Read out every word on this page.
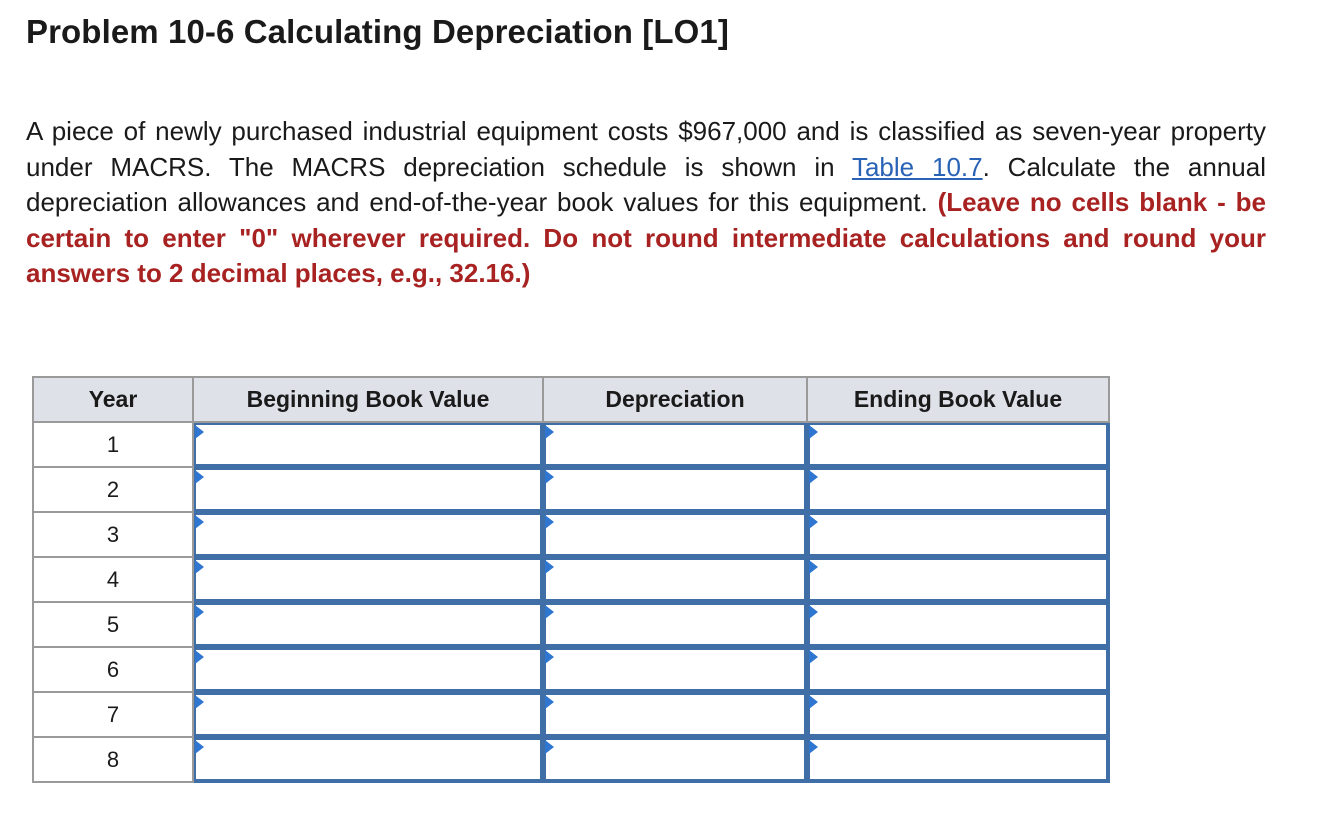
Problem 10-6 Calculating Depreciation [LO1]

A piece of newly purchased industrial equipment costs $967,000 and is classified as seven-year property under MACRS. The MACRS depreciation schedule is shown in Table 10.7. Calculate the annual depreciation allowances and end-of-the-year book values for this equipment. (Leave no cells blank - be certain to enter "0" wherever required. Do not round intermediate calculations and round your answers to 2 decimal places, e.g., 32.16.)

Year	Beginning Book Value	Depreciation	Ending Book Value
1	

2	

3	

4	

5	

6	

7	

8	
